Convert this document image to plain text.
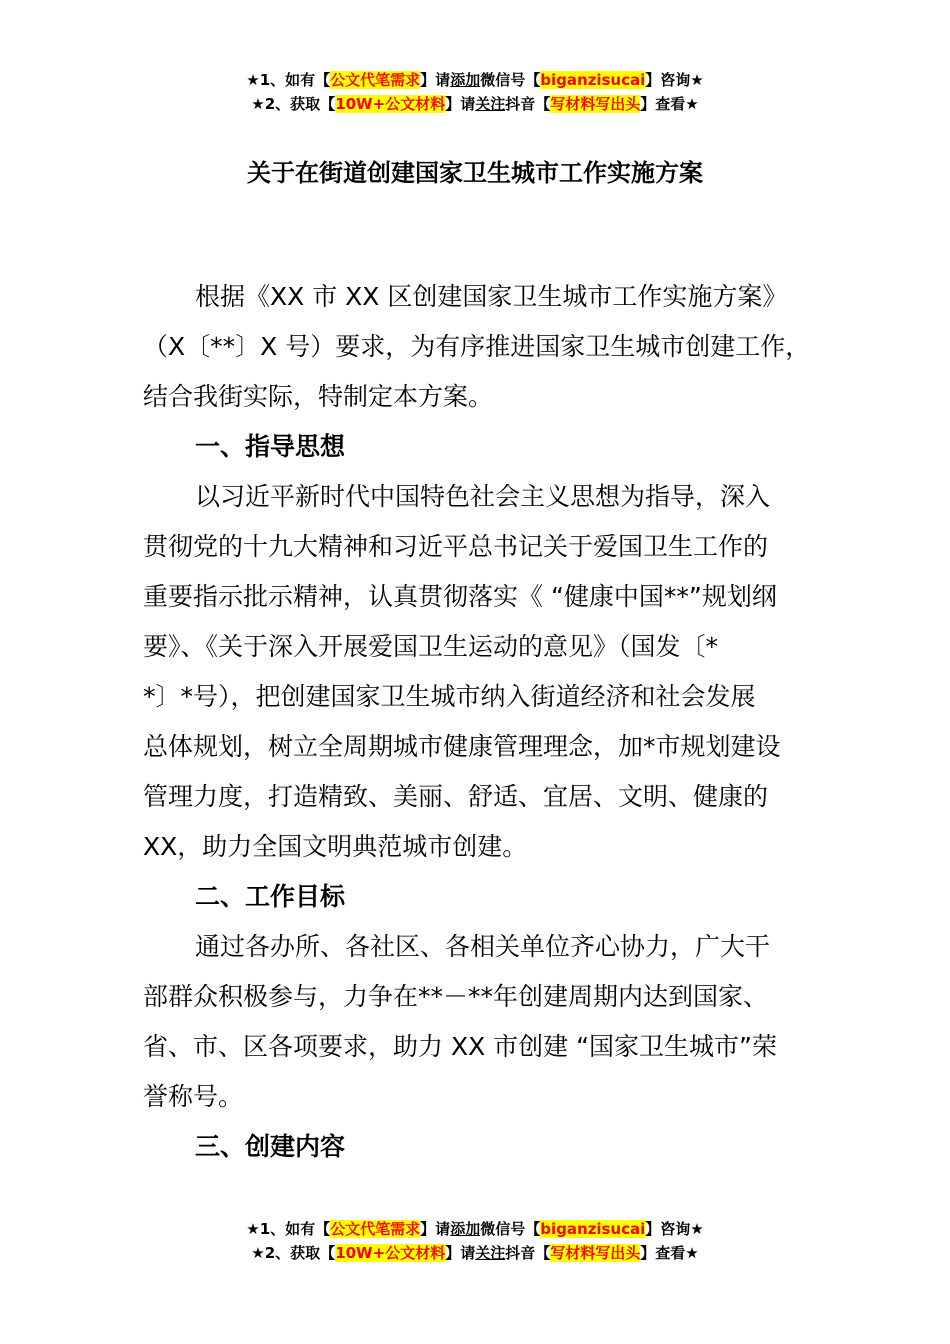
★1、如有【公文代笔需求】请添加微信号【biganzisucai】咨询★
★2、获取【10W+公文材料】请关注抖音【写材料写出头】查看★
关于在街道创建国家卫生城市工作实施方案
根据《XX 市 XX 区创建国家卫生城市工作实施方案》
（X〔**〕X 号）要求，为有序推进国家卫生城市创建工作，
结合我街实际，特制定本方案。
一、指导思想
以习近平新时代中国特色社会主义思想为指导，深入
贯彻党的十九大精神和习近平总书记关于爱国卫生工作的
重要指示批示精神，认真贯彻落实《 “健康中国**”规划纲
要》、《关于深入开展爱国卫生运动的意见》（国发〔*
*〕*号），把创建国家卫生城市纳入街道经济和社会发展
总体规划，树立全周期城市健康管理理念，加*市规划建设
管理力度，打造精致、美丽、舒适、宜居、文明、健康的
XX，助力全国文明典范城市创建。
二、工作目标
通过各办所、各社区、各相关单位齐心协力，广大干
部群众积极参与，力争在**－**年创建周期内达到国家、
省、市、区各项要求，助力 XX 市创建 “国家卫生城市”荣
誉称号。
三、创建内容
★1、如有【公文代笔需求】请添加微信号【biganzisucai】咨询★
★2、获取【10W+公文材料】请关注抖音【写材料写出头】查看★
